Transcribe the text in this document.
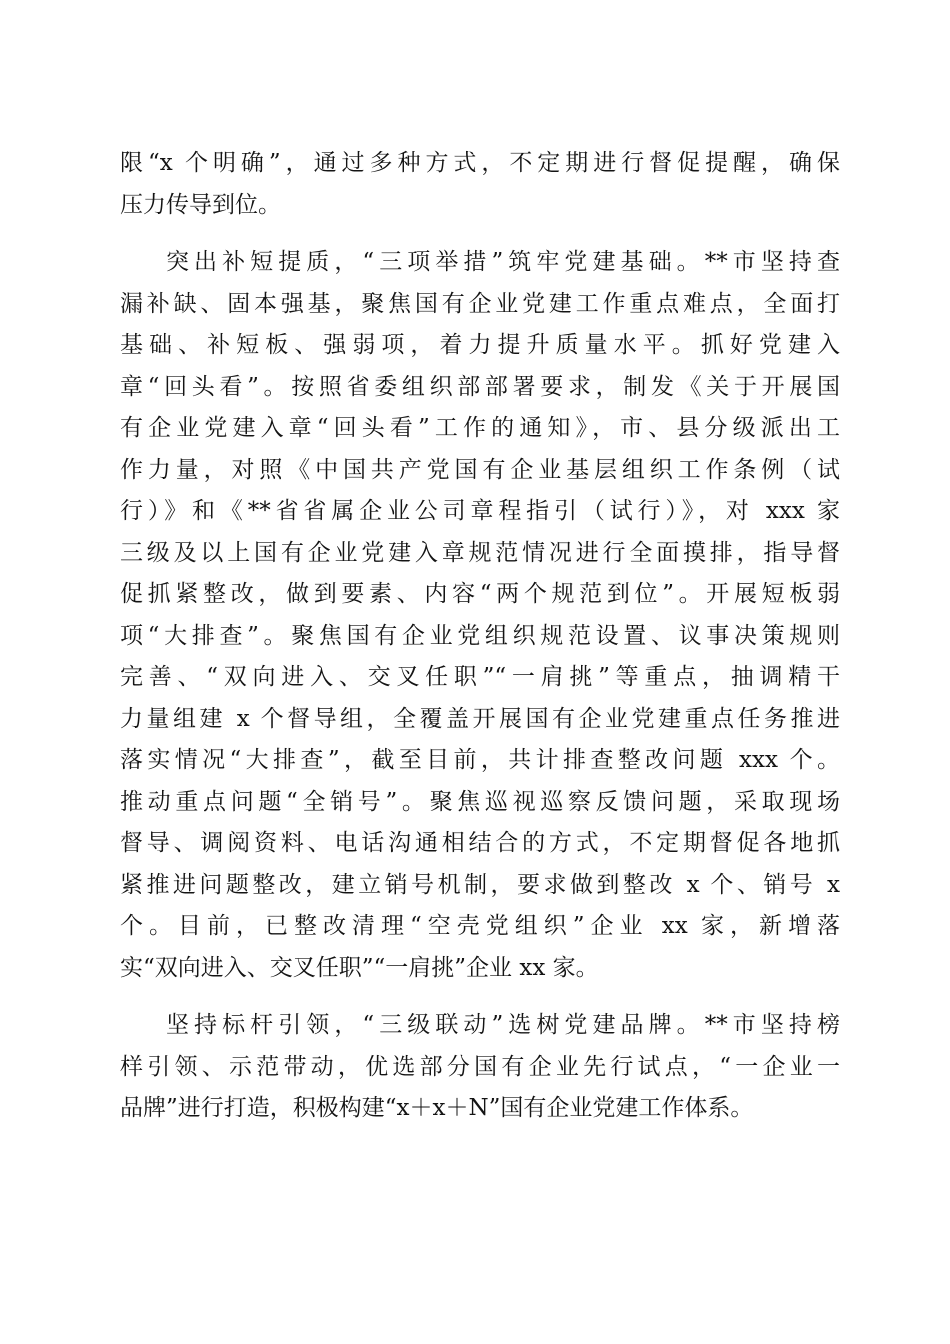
限“x 个明确”，通过多种方式，不定期进行督促提醒，确保
压力传导到位。
突出补短提质，“三项举措”筑牢党建基础。**市坚持查
漏补缺、固本强基，聚焦国有企业党建工作重点难点，全面打
基础、补短板、强弱项，着力提升质量水平。抓好党建入
章“回头看”。按照省委组织部部署要求，制发《关于开展国
有企业党建入章“回头看”工作的通知》，市、县分级派出工
作力量，对照《中国共产党国有企业基层组织工作条例（试
行）》和《**省省属企业公司章程指引（试行）》，对 xxx 家
三级及以上国有企业党建入章规范情况进行全面摸排，指导督
促抓紧整改，做到要素、内容“两个规范到位”。开展短板弱
项“大排查”。聚焦国有企业党组织规范设置、议事决策规则
完善、“双向进入、交叉任职”“一肩挑”等重点，抽调精干
力量组建 x 个督导组，全覆盖开展国有企业党建重点任务推进
落实情况“大排查”，截至目前，共计排查整改问题 xxx 个。
推动重点问题“全销号”。聚焦巡视巡察反馈问题，采取现场
督导、调阅资料、电话沟通相结合的方式，不定期督促各地抓
紧推进问题整改，建立销号机制，要求做到整改 x 个、销号 x
个。目前，已整改清理“空壳党组织”企业 xx 家，新增落
实“双向进入、交叉任职”“一肩挑”企业 xx 家。
坚持标杆引领，“三级联动”选树党建品牌。**市坚持榜
样引领、示范带动，优选部分国有企业先行试点，“一企业一
品牌”进行打造，积极构建“x＋x＋N”国有企业党建工作体系。
